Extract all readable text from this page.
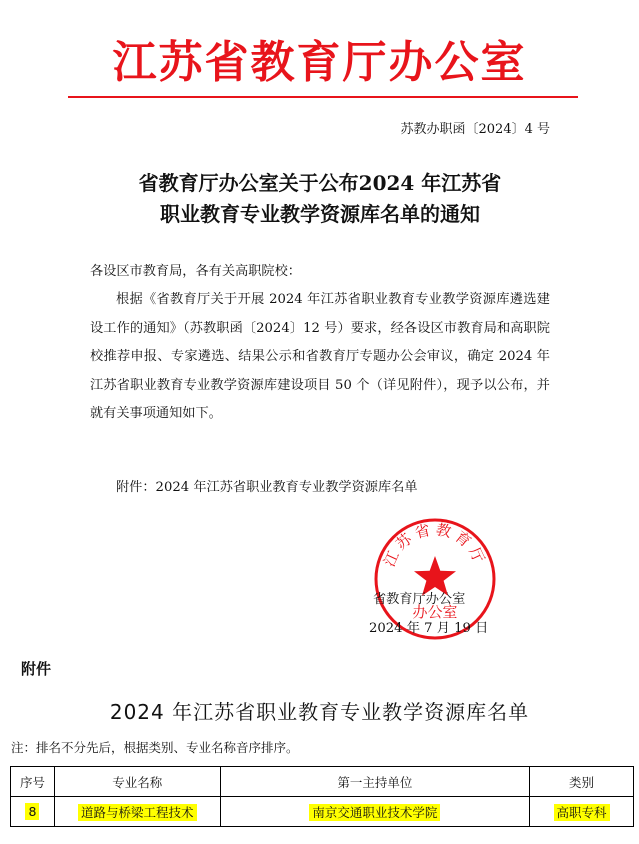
江苏省教育厅办公室
苏教办职函〔2024〕4 号
省教育厅办公室关于公布2024 年江苏省
职业教育专业教学资源库名单的通知
各设区市教育局，各有关高职院校：
根据《省教育厅关于开展 2024 年江苏省职业教育专业教学资源库遴选建设工作的通知》（苏教职函〔2024〕12 号）要求，经各设区市教育局和高职院校推荐申报、专家遴选、结果公示和省教育厅专题办公会审议，确定 2024 年江苏省职业教育专业教学资源库建设项目 50 个（详见附件），现予以公布，并就有关事项通知如下。
附件：2024 年江苏省职业教育专业教学资源库名单
江苏省教育厅
办公室
省教育厅办公室
2024 年 7 月 19 日
附件
2024 年江苏省职业教育专业教学资源库名单
注：排名不分先后，根据类别、专业名称音序排序。
序号	专业名称	第一主持单位	类别
8	道路与桥梁工程技术	南京交通职业技术学院	高职专科
